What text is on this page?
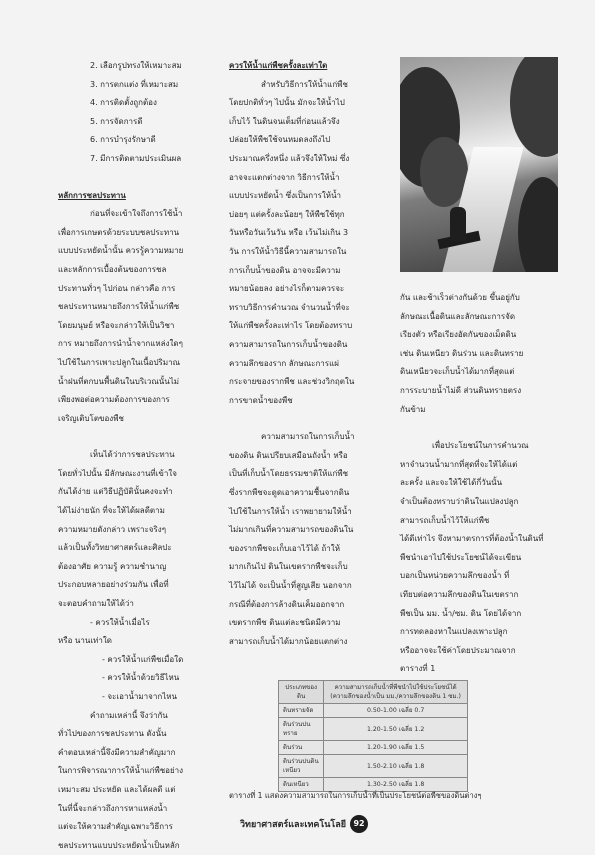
2. เลือกรูปทรงให้เหมาะสม

3. การตกแต่ง ที่เหมาะสม

4. การติดตั้งถูกต้อง

5. การจัดการดี

6. การบำรุงรักษาดี

7. มีการติดตามประเมินผล

หลักการชลประทาน

ก่อนที่จะเข้าใจถึงการใช้น้ำ

เพื่อการเกษตรด้วยระบบชลประทาน

แบบประหยัดน้ำนั้น ควรรู้ความหมาย

และหลักการเบื้องต้นของการชล

ประทานทั่วๆ ไปก่อน กล่าวคือ การ

ชลประทานหมายถึงการให้น้ำแก่พืช

โดยมนุษย์ หรือจะกล่าวให้เป็นวิชา

การ หมายถึงการนำน้ำจากแหล่งใดๆ

ไปใช้ในการเพาะปลูกในเนื้อปริมาณ

น้ำฝนที่ตกบนพื้นดินในบริเวณนั้นไม่

เพียงพอต่อความต้องการของการ

เจริญเติบโตของพืช

เห็นได้ว่าการชลประทาน

โดยทั่วไปนั้น มีลักษณะงานที่เข้าใจ

กันได้ง่าย แต่วิธีปฏิบัตินั้นคงจะทำ

ได้ไม่ง่ายนัก ที่จะให้ได้ผลดีตาม

ความหมายดังกล่าว เพราะจริงๆ

แล้วเป็นทั้งวิทยาศาสตร์และศิลปะ

ต้องอาศัย ความรู้ ความชำนาญ

ประกอบหลายอย่างร่วมกัน เพื่อที่

จะตอบคำถามให้ได้ว่า

- ควรให้น้ำเมื่อไร

หรือ นานเท่าใด

- ควรให้น้ำแก่พืชเมื่อใด

- ควรให้น้ำด้วยวิธีไหน

- จะเอาน้ำมาจากไหน

คำถามเหล่านี้ จึงว่ากัน

ทั่วไปของการชลประทาน ดังนั้น

คำตอบเหล่านี้จึงมีความสำคัญมาก

ในการพิจารณาการให้น้ำแก่พืชอย่าง

เหมาะสม ประหยัด และได้ผลดี แต่

ในที่นี้จะกล่าวถึงการหาแหล่งน้ำ

แต่จะให้ความสำคัญเฉพาะวิธีการ

ชลประทานแบบประหยัดน้ำเป็นหลัก

ควรให้น้ำแก่พืชครั้งละเท่าใด

สำหรับวิธีการให้น้ำแก่พืช

โดยปกติทั่วๆ ไปนั้น มักจะให้น้ำไป

เก็บไว้ ในดินจนเต็มที่ก่อนแล้วจึง

ปล่อยให้พืชใช้จนหมดลงถึงไป

ประมาณครึ่งหนึ่ง แล้วจึงให้ใหม่ ซึ่ง

อาจจะแตกต่างจาก วิธีการให้น้ำ

แบบประหยัดน้ำ ซึ่งเป็นการให้น้ำ

บ่อยๆ แต่ครั้งละน้อยๆ ให้พืชใช้ทุก

วันหรือวันเว้นวัน หรือ เว้นไม่เกิน 3

วัน การให้น้ำวิธีนี้ความสามารถใน

การเก็บน้ำของดิน อาจจะมีความ

หมายน้อยลง อย่างไรก็ตามควรจะ

ทราบวิธีการคำนวณ จำนวนน้ำที่จะ

ให้แก่พืชครั้งละเท่าไร โดยต้องทราบ

ความสามารถในการเก็บน้ำของดิน

ความลึกของราก ลักษณะการแผ่

กระจายของรากพืช และช่วงวิกฤตใน

การขาดน้ำของพืช

ความสามารถในการเก็บน้ำ

ของดิน ดินเปรียบเสมือนถังน้ำ หรือ

เป็นที่เก็บน้ำโดยธรรมชาติให้แก่พืช

ซึ่งรากพืชจะดูดเอาความชื้นจากดิน

ไปใช้ในการให้น้ำ เราพยายามให้น้ำ

ไม่มากเกินที่ความสามารถของดินใน

ของรากพืชจะเก็บเอาไว้ได้ ถ้าให้

มากเกินไป ดินในเขตรากพืชจะเก็บ

ไว้ไม่ได้ จะเป็นน้ำที่สูญเสีย นอกจาก

กรณีที่ต้องการล้างดินเค็มออกจาก

เขตรากพืช ดินแต่ละชนิดมีความ

สามารถเก็บน้ำได้มากน้อยแตกต่าง

กัน และช้าเร็วต่างกันด้วย ขึ้นอยู่กับ

ลักษณะเนื้อดินและลักษณะการจัด

เรียงตัว หรือเรียงอัดกันของเม็ดดิน

เช่น ดินเหนียว ดินร่วน และดินทราย

ดินเหนียวจะเก็บน้ำได้มากที่สุดแต่

การระบายน้ำไม่ดี ส่วนดินทรายตรง

กันข้าม

เพื่อประโยชน์ในการคำนวณ

หาจำนวนน้ำมากที่สุดที่จะให้ได้แต่

ละครั้ง และจะให้ใช้ได้กี่วันนั้น

จำเป็นต้องทราบว่าดินในแปลงปลูก

สามารถเก็บน้ำไว้ให้แก่พืช

ได้ดีเท่าไร จึงหามาตรการที่ต้องน้ำในดินที่

พืชนำเอาไปใช้ประโยชน์ได้จะเขียน

บอกเป็นหน่วยความลึกของน้ำ ที่

เทียบต่อความลึกของดินในเขตราก

พืชเป็น มม. น้ำ/ซม. ดิน โดยได้จาก

การทดลองหาในแปลงเพาะปลูก

หรืออาจจะใช้ค่าโดยประมาณจาก

ตารางที่ 1

ประเภทของดิน	ความสามารถเก็บน้ำที่พืชนำไปใช้ประโยชน์ได้ (ความลึกของน้ำเป็น มม./ความลึกของดิน 1 ซม.)
ดินทรายจัด	0.50-1.00 เฉลี่ย 0.7
ดินร่วนปนทราย	1.20-1.50 เฉลี่ย 1.2
ดินร่วน	1.20-1.90 เฉลี่ย 1.5
ดินร่วนปนดินเหนียว	1.50-2.10 เฉลี่ย 1.8
ดินเหนียว	1.30-2.50 เฉลี่ย 1.8
ตารางที่ 1 แสดงความสามารถในการเก็บน้ำที่เป็นประโยชน์ต่อพืชของดินต่างๆ
วิทยาศาสตร์และเทคโนโลยี 92
